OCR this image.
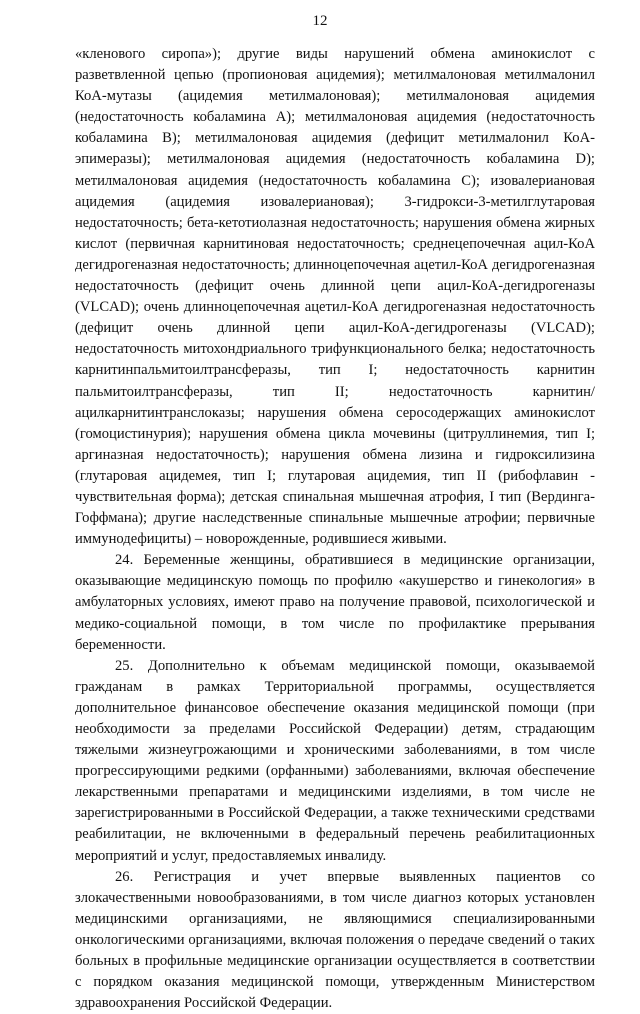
12

«кленового сиропа»); другие виды нарушений обмена аминокислот с разветвленной цепью (пропионовая ацидемия); метилмалоновая метилмалонил КоА-мутазы (ацидемия метилмалоновая); метилмалоновая ацидемия (недостаточность кобаламина А); метилмалоновая ацидемия (недостаточность кобаламина В); метилмалоновая ацидемия (дефицит метилмалонил КоА-эпимеразы); метилмалоновая ацидемия (недостаточность кобаламина D); метилмалоновая ацидемия (недостаточность кобаламина С); изовалериановая ацидемия (ацидемия изовалериановая); 3-гидрокси-3-метилглутаровая недостаточность; бета-кетотиолазная недостаточность; нарушения обмена жирных кислот (первичная карнитиновая недостаточность; среднецепочечная ацил-КоА дегидрогеназная недостаточность; длинноцепочечная ацетил-КоА дегидрогеназная недостаточность (дефицит очень длинной цепи ацил-КоА-дегидрогеназы (VLCAD); очень длинноцепочечная ацетил-КоА дегидрогеназная недостаточность (дефицит очень длинной цепи ацил-КоА-дегидрогеназы (VLCAD); недостаточность митохондриального трифункционального белка; недостаточность карнитинпальмитоилтрансферазы, тип I; недостаточность карнитин пальмитоилтрансферазы, тип II; недостаточность карнитин/ацилкарнитинтранслоказы; нарушения обмена серосодержащих аминокислот (гомоцистинурия); нарушения обмена цикла мочевины (цитруллинемия, тип I; аргиназная недостаточность); нарушения обмена лизина и гидроксилизина (глутаровая ацидемея, тип I; глутаровая ацидемия, тип II (рибофлавин - чувствительная форма); детская спинальная мышечная атрофия, I тип (Вердинга-Гоффмана); другие наследственные спинальные мышечные атрофии; первичные иммунодефициты) – новорожденные, родившиеся живыми.

24. Беременные женщины, обратившиеся в медицинские организации, оказывающие медицинскую помощь по профилю «акушерство и гинекология» в амбулаторных условиях, имеют право на получение правовой, психологической и медико-социальной помощи, в том числе по профилактике прерывания беременности.

25. Дополнительно к объемам медицинской помощи, оказываемой гражданам в рамках Территориальной программы, осуществляется дополнительное финансовое обеспечение оказания медицинской помощи (при необходимости за пределами Российской Федерации) детям, страдающим тяжелыми жизнеугрожающими и хроническими заболеваниями, в том числе прогрессирующими редкими (орфанными) заболеваниями, включая обеспечение лекарственными препаратами и медицинскими изделиями, в том числе не зарегистрированными в Российской Федерации, а также техническими средствами реабилитации, не включенными в федеральный перечень реабилитационных мероприятий и услуг, предоставляемых инвалиду.

26. Регистрация и учет впервые выявленных пациентов со злокачественными новообразованиями, в том числе диагноз которых установлен медицинскими организациями, не являющимися специализированными онкологическими организациями, включая положения о передаче сведений о таких больных в профильные медицинские организации осуществляется в соответствии с порядком оказания медицинской помощи, утвержденным Министерством здравоохранения Российской Федерации.
